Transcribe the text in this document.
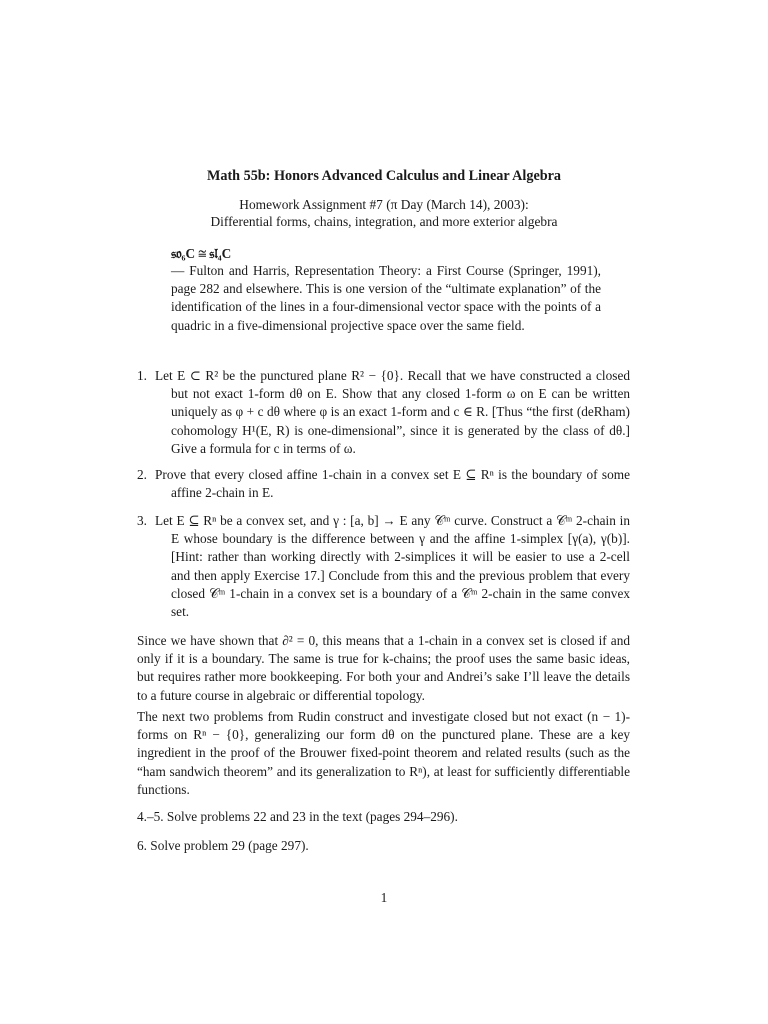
Math 55b: Honors Advanced Calculus and Linear Algebra
Homework Assignment #7 (π Day (March 14), 2003):
Differential forms, chains, integration, and more exterior algebra
𝔰𝔬₆C ≅ 𝔰𝔩₄C
— Fulton and Harris, Representation Theory: a First Course (Springer, 1991), page 282 and elsewhere. This is one version of the “ultimate explanation” of the identification of the lines in a four-dimensional vector space with the points of a quadric in a five-dimensional projective space over the same field.
1. Let E ⊂ R² be the punctured plane R² − {0}. Recall that we have constructed a closed but not exact 1-form dθ on E. Show that any closed 1-form ω on E can be written uniquely as φ + c dθ where φ is an exact 1-form and c ∈ R. [Thus “the first (deRham) cohomology H¹(E, R) is one-dimensional”, since it is generated by the class of dθ.] Give a formula for c in terms of ω.
2. Prove that every closed affine 1-chain in a convex set E ⊆ Rⁿ is the boundary of some affine 2-chain in E.
3. Let E ⊆ Rⁿ be a convex set, and γ : [a, b] → E any 𝒞ᵐ curve. Construct a 𝒞ᵐ 2-chain in E whose boundary is the difference between γ and the affine 1-simplex [γ(a), γ(b)]. [Hint: rather than working directly with 2-simplices it will be easier to use a 2-cell and then apply Exercise 17.] Conclude from this and the previous problem that every closed 𝒞ᵐ 1-chain in a convex set is a boundary of a 𝒞ᵐ 2-chain in the same convex set.
Since we have shown that ∂² = 0, this means that a 1-chain in a convex set is closed if and only if it is a boundary. The same is true for k-chains; the proof uses the same basic ideas, but requires rather more bookkeeping. For both your and Andrei’s sake I’ll leave the details to a future course in algebraic or differential topology.
The next two problems from Rudin construct and investigate closed but not exact (n − 1)-forms on Rⁿ − {0}, generalizing our form dθ on the punctured plane. These are a key ingredient in the proof of the Brouwer fixed-point theorem and related results (such as the “ham sandwich theorem” and its generalization to Rⁿ), at least for sufficiently differentiable functions.
4.–5. Solve problems 22 and 23 in the text (pages 294–296).
6. Solve problem 29 (page 297).
1
